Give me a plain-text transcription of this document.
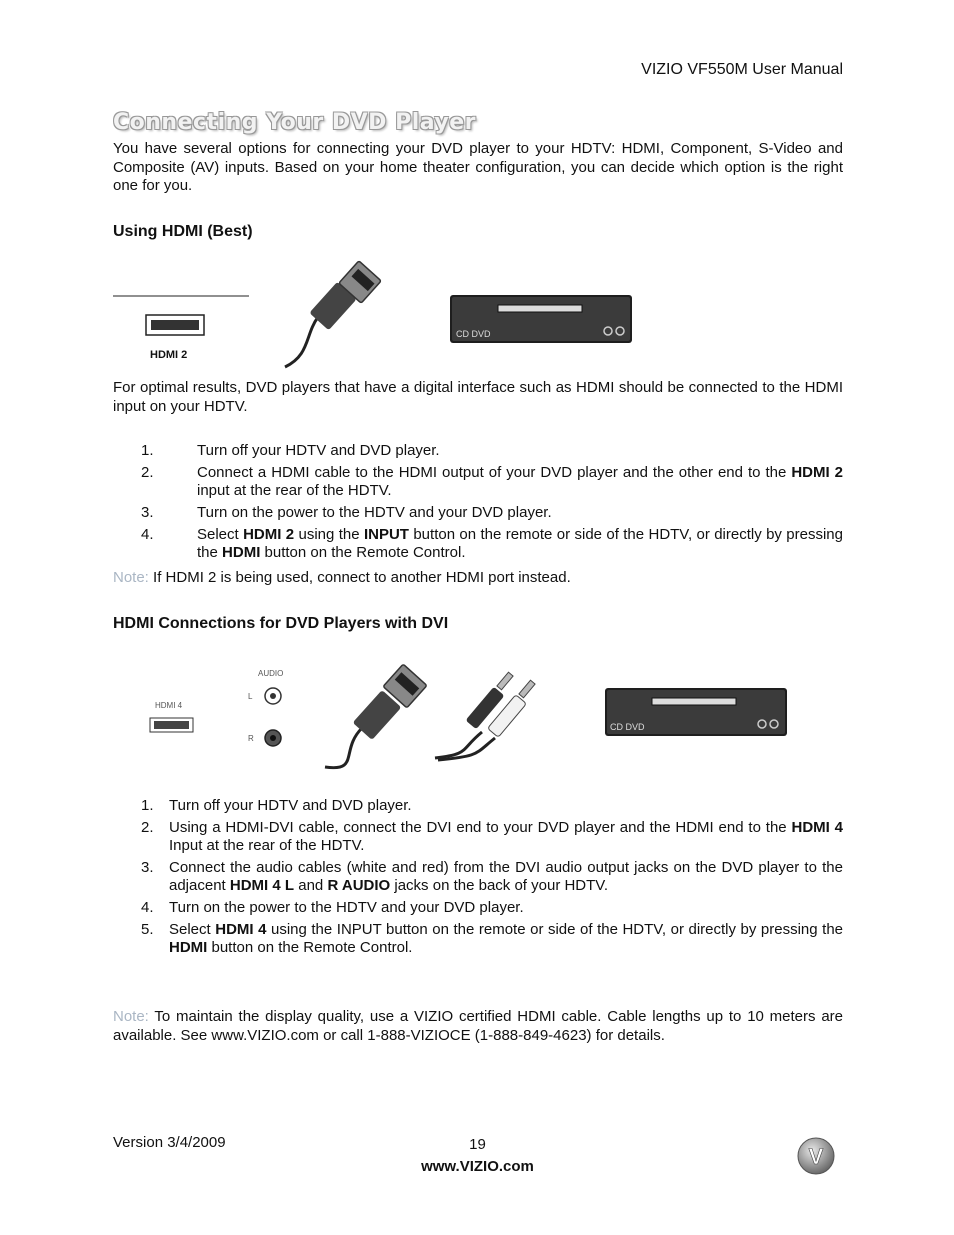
VIZIO VF550M User Manual
Connecting Your DVD Player
You have several options for connecting your DVD player to your HDTV: HDMI, Component, S-Video and Composite (AV) inputs. Based on your home theater configuration, you can decide which option is the right one for you.
Using HDMI (Best)
HDMI 2
CD DVD
For optimal results, DVD players that have a digital interface such as HDMI should be connected to the HDMI input on your HDTV.
1.	Turn off your HDTV and DVD player.
2.	Connect a HDMI cable to the HDMI output of your DVD player and the other end to the HDMI 2 input at the rear of the HDTV.
3.	Turn on the power to the HDTV and your DVD player.
4.	Select HDMI 2 using the INPUT button on the remote or side of the HDTV, or directly by pressing the HDMI button on the Remote Control.
Note: If HDMI 2 is being used, connect to another HDMI port instead.
HDMI Connections for DVD Players with DVI
AUDIO
HDMI 4
L
R
CD DVD
1. Turn off your HDTV and DVD player.
2. Using a HDMI-DVI cable, connect the DVI end to your DVD player and the HDMI end to the HDMI 4 Input at the rear of the HDTV.
3. Connect the audio cables (white and red) from the DVI audio output jacks on the DVD player to the adjacent HDMI 4 L and R AUDIO jacks on the back of your HDTV.
4. Turn on the power to the HDTV and your DVD player.
5. Select HDMI 4 using the INPUT button on the remote or side of the HDTV, or directly by pressing the HDMI button on the Remote Control.
Note: To maintain the display quality, use a VIZIO certified HDMI cable. Cable lengths up to 10 meters are available. See www.VIZIO.com or call 1-888-VIZIOCE (1-888-849-4623) for details.
Version 3/4/2009	19
www.VIZIO.com	V
